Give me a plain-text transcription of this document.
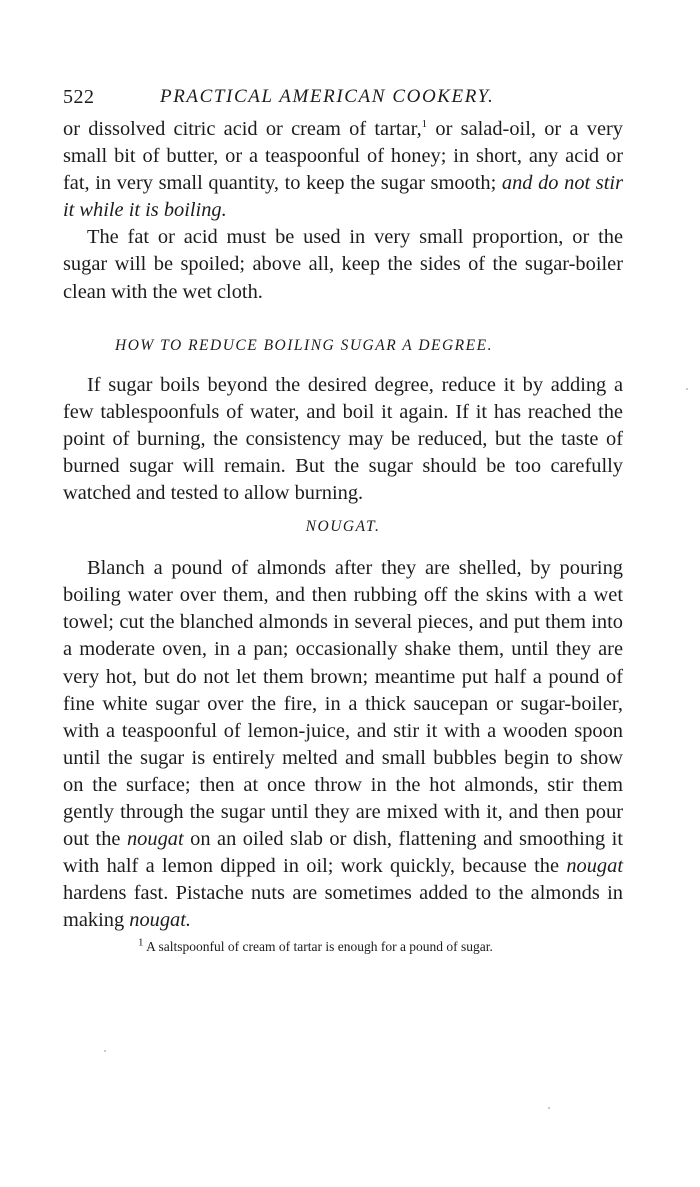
522	PRACTICAL AMERICAN COOKERY.

or dissolved citric acid or cream of tartar,$^1$ or salad-oil, or a very small bit of butter, or a teaspoonful of honey; in short, any acid or fat, in very small quantity, to keep the sugar smooth; and do not stir it while it is boiling.

The fat or acid must be used in very small proportion, or the sugar will be spoiled; above all, keep the sides of the sugar-boiler clean with the wet cloth.

HOW TO REDUCE BOILING SUGAR A DEGREE.

If sugar boils beyond the desired degree, reduce it by adding a few tablespoonfuls of water, and boil it again. If it has reached the point of burning, the consistency may be reduced, but the taste of burned sugar will remain. But the sugar should be too carefully watched and tested to allow burning.

NOUGAT.

Blanch a pound of almonds after they are shelled, by pouring boiling water over them, and then rubbing off the skins with a wet towel; cut the blanched almonds in several pieces, and put them into a moderate oven, in a pan; occasionally shake them, until they are very hot, but do not let them brown; meantime put half a pound of fine white sugar over the fire, in a thick saucepan or sugar-boiler, with a teaspoonful of lemon-juice, and stir it with a wooden spoon until the sugar is entirely melted and small bubbles begin to show on the surface; then at once throw in the hot almonds, stir them gently through the sugar until they are mixed with it, and then pour out the nougat on an oiled slab or dish, flattening and smoothing it with half a lemon dipped in oil; work quickly, because the nougat hardens fast. Pistache nuts are sometimes added to the almonds in making nougat.

$^1$ A saltspoonful of cream of tartar is enough for a pound of sugar.
